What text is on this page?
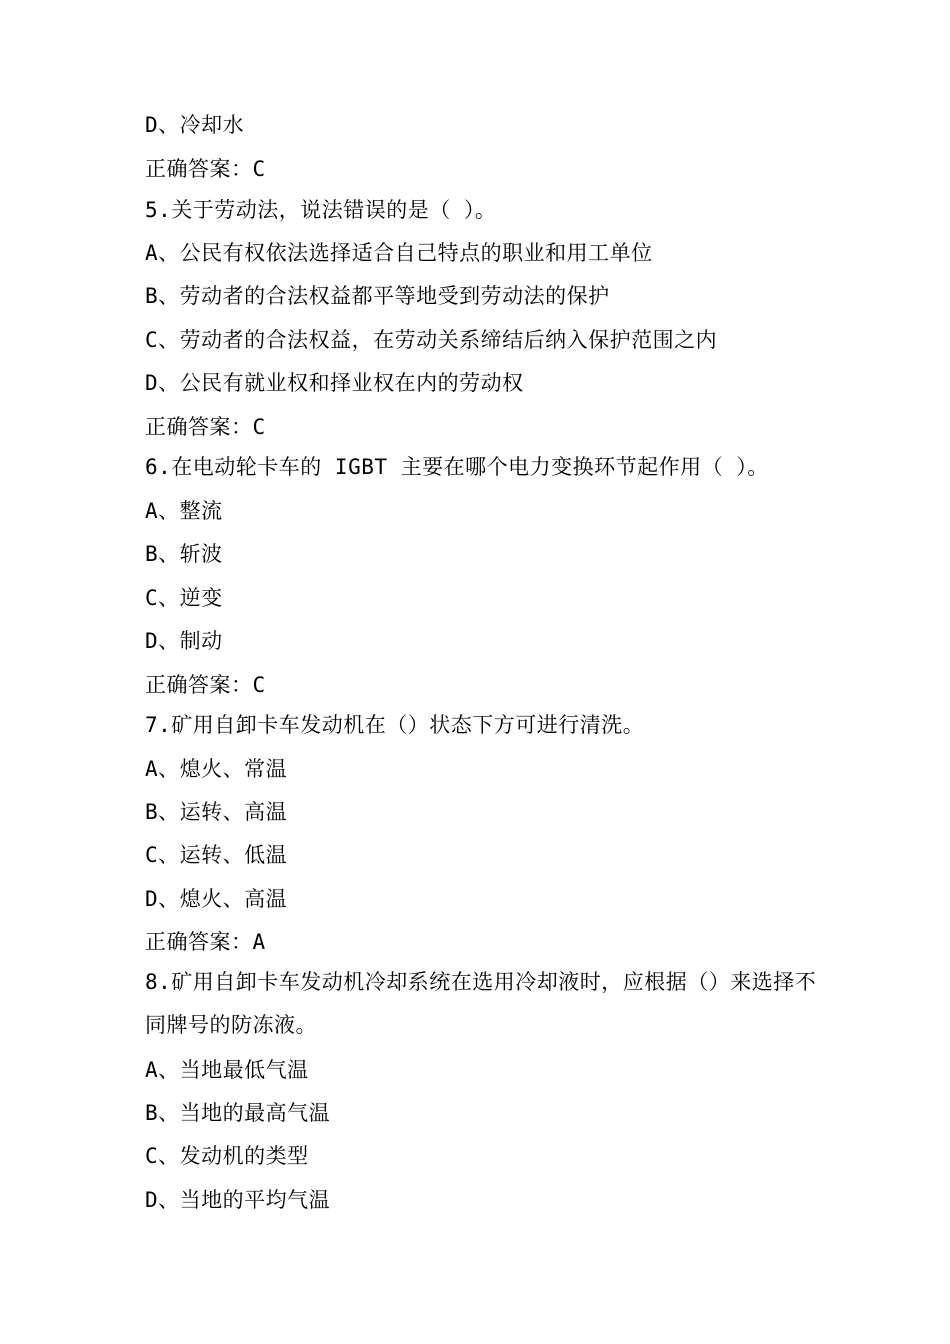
D、冷却水
正确答案：C
5.关于劳动法，说法错误的是（ ）。
A、公民有权依法选择适合自己特点的职业和用工单位
B、劳动者的合法权益都平等地受到劳动法的保护
C、劳动者的合法权益，在劳动关系缔结后纳入保护范围之内
D、公民有就业权和择业权在内的劳动权
正确答案：C
6.在电动轮卡车的 IGBT 主要在哪个电力变换环节起作用（ ）。
A、整流
B、斩波
C、逆变
D、制动
正确答案：C
7.矿用自卸卡车发动机在（）状态下方可进行清洗。
A、熄火、常温
B、运转、高温
C、运转、低温
D、熄火、高温
正确答案：A
8.矿用自卸卡车发动机冷却系统在选用冷却液时，应根据（）来选择不同牌号的防冻液。
A、当地最低气温
B、当地的最高气温
C、发动机的类型
D、当地的平均气温
